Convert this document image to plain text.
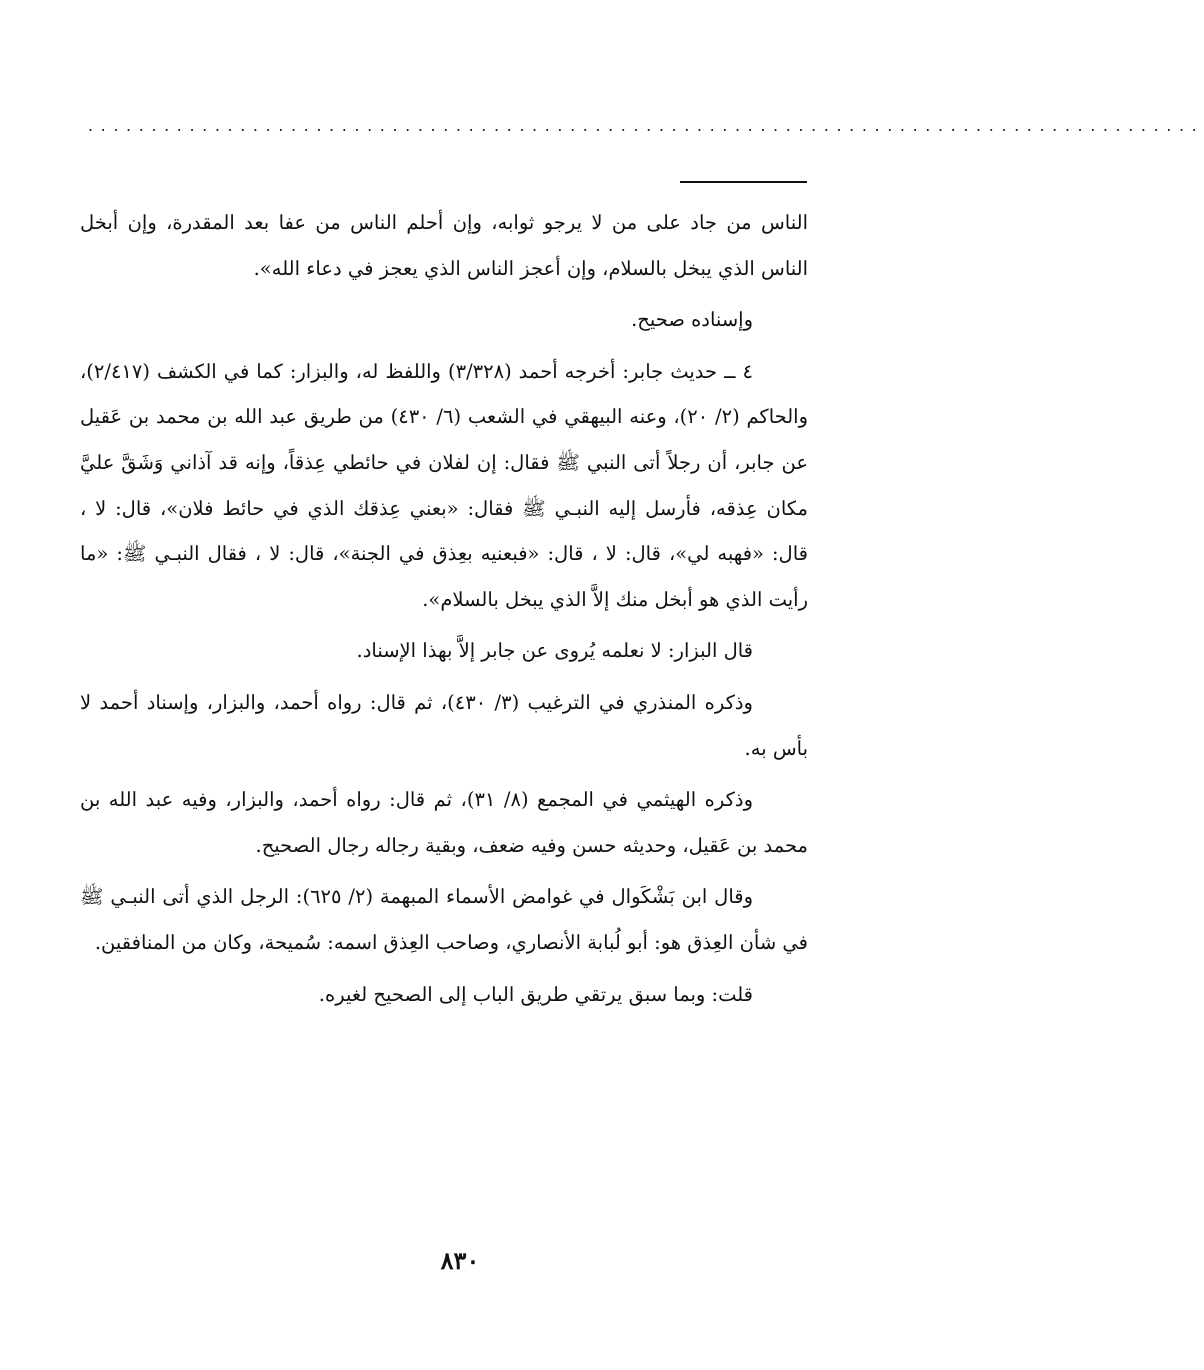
........................................................................................

الناس من جاد على من لا يرجو ثوابه، وإن أحلم الناس من عفا بعد المقدرة، وإن أبخل الناس الذي يبخل بالسلام، وإن أعجز الناس الذي يعجز في دعاء الله».

وإسناده صحيح.

٤ ــ حديث جابر: أخرجه أحمد (٣/٣٢٨) واللفظ له، والبزار: كما في الكشف (٢/٤١٧)، والحاكم (٢/ ٢٠)، وعنه البيهقي في الشعب (٦/ ٤٣٠) من طريق عبد الله بن محمد بن عَقيل عن جابر، أن رجلاً أتى النبي ﷺ فقال: إن لفلان في حائطي عِذقاً، وإنه قد آذاني وَشَقَّ عليَّ مكان عِذقه، فأرسل إليه النبـي ﷺ فقال: «بعني عِذقك الذي في حائط فلان»، قال: لا ، قال: «فهبه لي»، قال: لا ، قال: «فبعنيه بعِذق في الجنة»، قال: لا ، فقال النبـي ﷺ: «ما رأيت الذي هو أبخل منك إلاَّ الذي يبخل بالسلام».

قال البزار: لا نعلمه يُروى عن جابر إلاَّ بهذا الإسناد.

وذكره المنذري في الترغيب (٣/ ٤٣٠)، ثم قال: رواه أحمد، والبزار، وإسناد أحمد لا بأس به.

وذكره الهيثمي في المجمع (٨/ ٣١)، ثم قال: رواه أحمد، والبزار، وفيه عبد الله بن محمد بن عَقيل، وحديثه حسن وفيه ضعف، وبقية رجاله رجال الصحيح.

وقال ابن بَشْكَوال في غوامض الأسماء المبهمة (٢/ ٦٢٥): الرجل الذي أتى النبـي ﷺ في شأن العِذق هو: أبو لُبابة الأنصاري، وصاحب العِذق اسمه: سُميحة، وكان من المنافقين.

قلت: وبما سبق يرتقي طريق الباب إلى الصحيح لغيره.

٨٣٠
